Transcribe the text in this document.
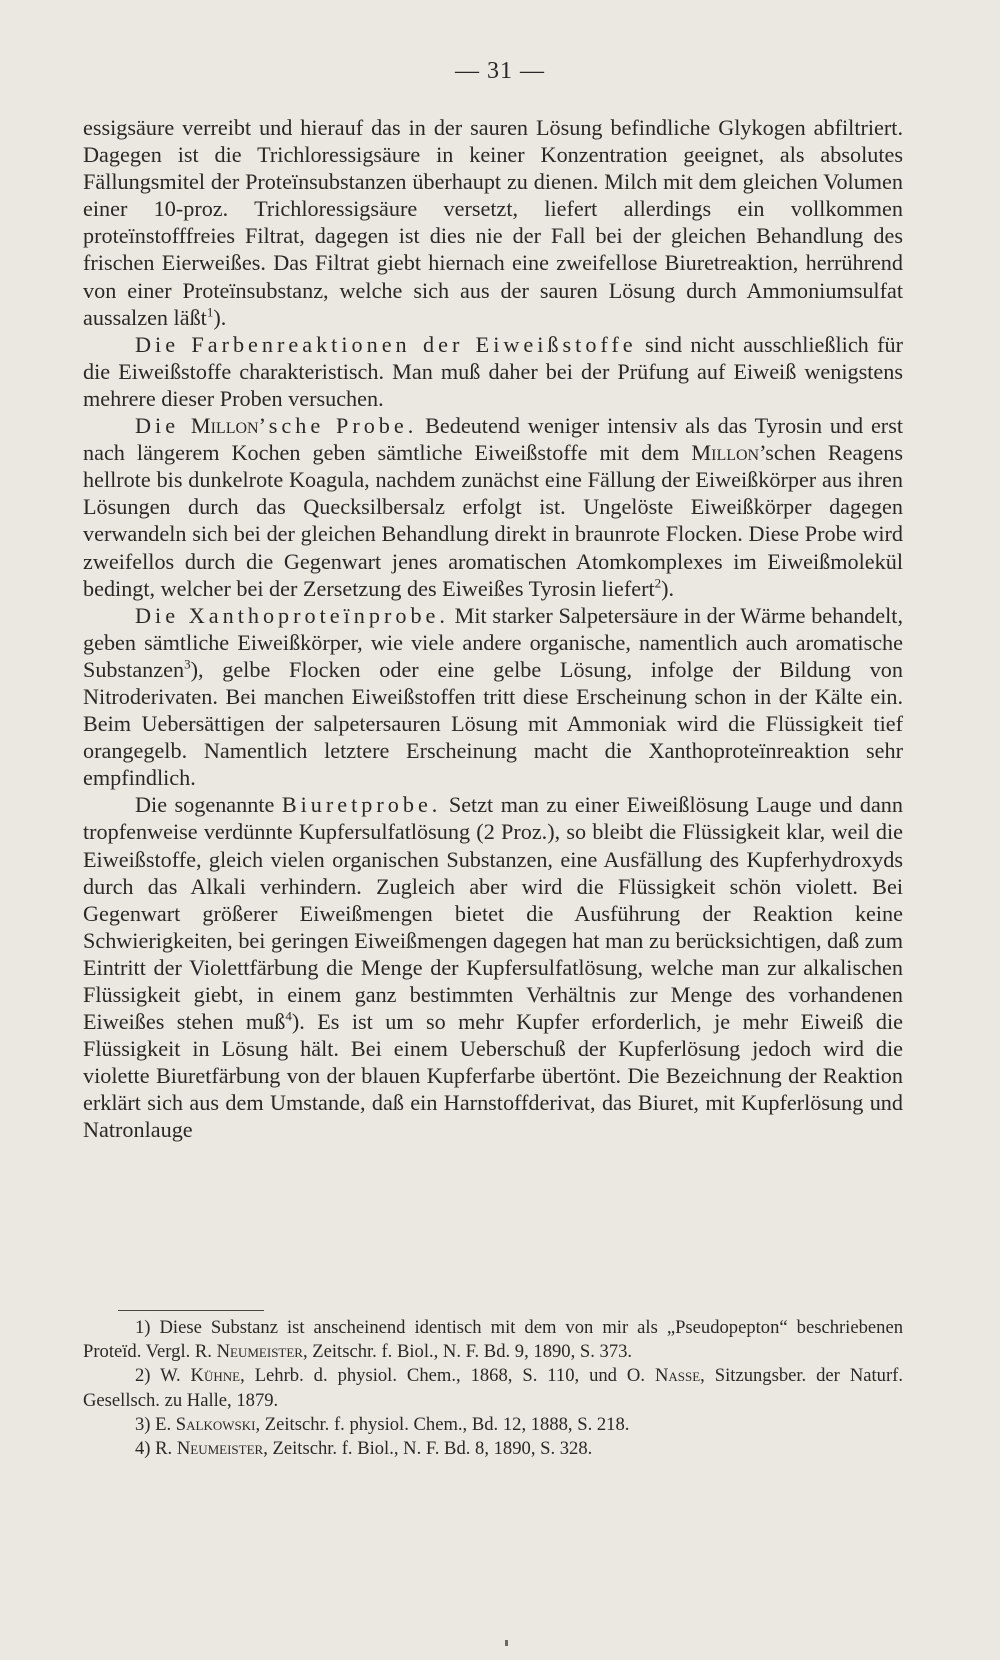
— 31 —

essigsäure verreibt und hierauf das in der sauren Lösung befindliche Glykogen abfiltriert. Dagegen ist die Trichloressigsäure in keiner Konzentration geeignet, als absolutes Fällungsmitel der Proteïnsubstanzen überhaupt zu dienen. Milch mit dem gleichen Volumen einer 10-proz. Trichloressigsäure versetzt, liefert allerdings ein vollkommen proteïnstofffreies Filtrat, dagegen ist dies nie der Fall bei der gleichen Behandlung des frischen Eierweißes. Das Filtrat giebt hiernach eine zweifellose Biuretreaktion, herrührend von einer Proteïnsubstanz, welche sich aus der sauren Lösung durch Ammoniumsulfat aussalzen läßt$^1$).

Die Farbenreaktionen der Eiweißstoffe sind nicht ausschließlich für die Eiweißstoffe charakteristisch. Man muß daher bei der Prüfung auf Eiweiß wenigstens mehrere dieser Proben versuchen.

Die Millon’sche Probe. Bedeutend weniger intensiv als das Tyrosin und erst nach längerem Kochen geben sämtliche Eiweißstoffe mit dem Millon’schen Reagens hellrote bis dunkelrote Koagula, nachdem zunächst eine Fällung der Eiweißkörper aus ihren Lösungen durch das Quecksilbersalz erfolgt ist. Ungelöste Eiweißkörper dagegen verwandeln sich bei der gleichen Behandlung direkt in braunrote Flocken. Diese Probe wird zweifellos durch die Gegenwart jenes aromatischen Atomkomplexes im Eiweißmolekül bedingt, welcher bei der Zersetzung des Eiweißes Tyrosin liefert$^2$).

Die Xanthoproteïnprobe. Mit starker Salpetersäure in der Wärme behandelt, geben sämtliche Eiweißkörper, wie viele andere organische, namentlich auch aromatische Substanzen$^3$), gelbe Flocken oder eine gelbe Lösung, infolge der Bildung von Nitroderivaten. Bei manchen Eiweißstoffen tritt diese Erscheinung schon in der Kälte ein. Beim Uebersättigen der salpetersauren Lösung mit Ammoniak wird die Flüssigkeit tief orangegelb. Namentlich letztere Erscheinung macht die Xanthoproteïnreaktion sehr empfindlich.

Die sogenannte Biuretprobe. Setzt man zu einer Eiweißlösung Lauge und dann tropfenweise verdünnte Kupfersulfatlösung (2 Proz.), so bleibt die Flüssigkeit klar, weil die Eiweißstoffe, gleich vielen organischen Substanzen, eine Ausfällung des Kupferhydroxyds durch das Alkali verhindern. Zugleich aber wird die Flüssigkeit schön violett. Bei Gegenwart größerer Eiweißmengen bietet die Ausführung der Reaktion keine Schwierigkeiten, bei geringen Eiweißmengen dagegen hat man zu berücksichtigen, daß zum Eintritt der Violettfärbung die Menge der Kupfersulfatlösung, welche man zur alkalischen Flüssigkeit giebt, in einem ganz bestimmten Verhältnis zur Menge des vorhandenen Eiweißes stehen muß$^4$). Es ist um so mehr Kupfer erforderlich, je mehr Eiweiß die Flüssigkeit in Lösung hält. Bei einem Ueberschuß der Kupferlösung jedoch wird die violette Biuretfärbung von der blauen Kupferfarbe übertönt. Die Bezeichnung der Reaktion erklärt sich aus dem Umstande, daß ein Harnstoffderivat, das Biuret, mit Kupferlösung und Natronlauge

1) Diese Substanz ist anscheinend identisch mit dem von mir als „Pseudopepton“ beschriebenen Proteïd. Vergl. R. Neumeister, Zeitschr. f. Biol., N. F. Bd. 9, 1890, S. 373.

2) W. Kühne, Lehrb. d. physiol. Chem., 1868, S. 110, und O. Nasse, Sitzungsber. der Naturf. Gesellsch. zu Halle, 1879.

3) E. Salkowski, Zeitschr. f. physiol. Chem., Bd. 12, 1888, S. 218.

4) R. Neumeister, Zeitschr. f. Biol., N. F. Bd. 8, 1890, S. 328.
